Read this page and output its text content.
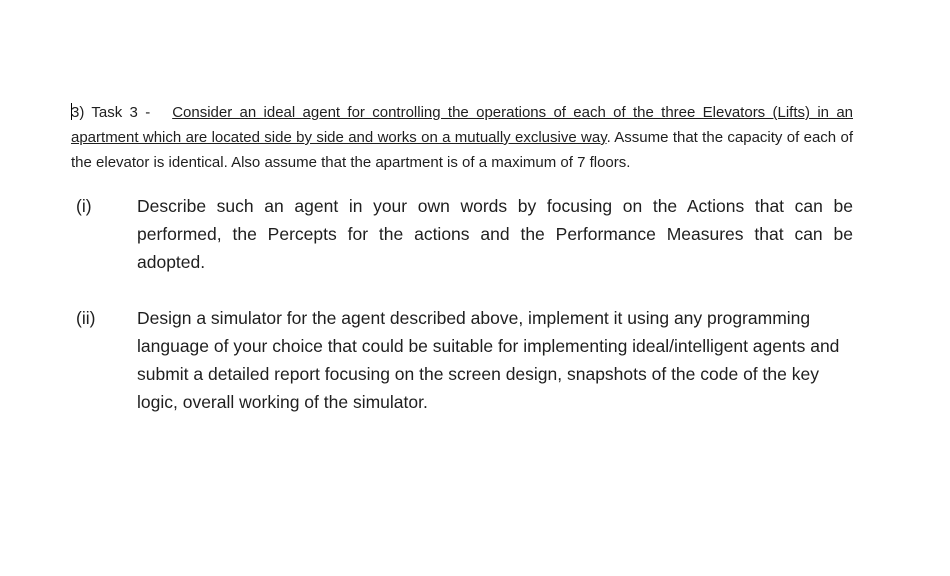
3) Task 3 - Consider an ideal agent for controlling the operations of each of the three Elevators (Lifts) in an apartment which are located side by side and works on a mutually exclusive way. Assume that the capacity of each of the elevator is identical. Also assume that the apartment is of a maximum of 7 floors.
(i)	Describe such an agent in your own words by focusing on the Actions that can be performed, the Percepts for the actions and the Performance Measures that can be adopted.
(ii) Design a simulator for the agent described above, implement it using any programming language of your choice that could be suitable for implementing ideal/intelligent agents and submit a detailed report focusing on the screen design, snapshots of the code of the key logic, overall working of the simulator.
